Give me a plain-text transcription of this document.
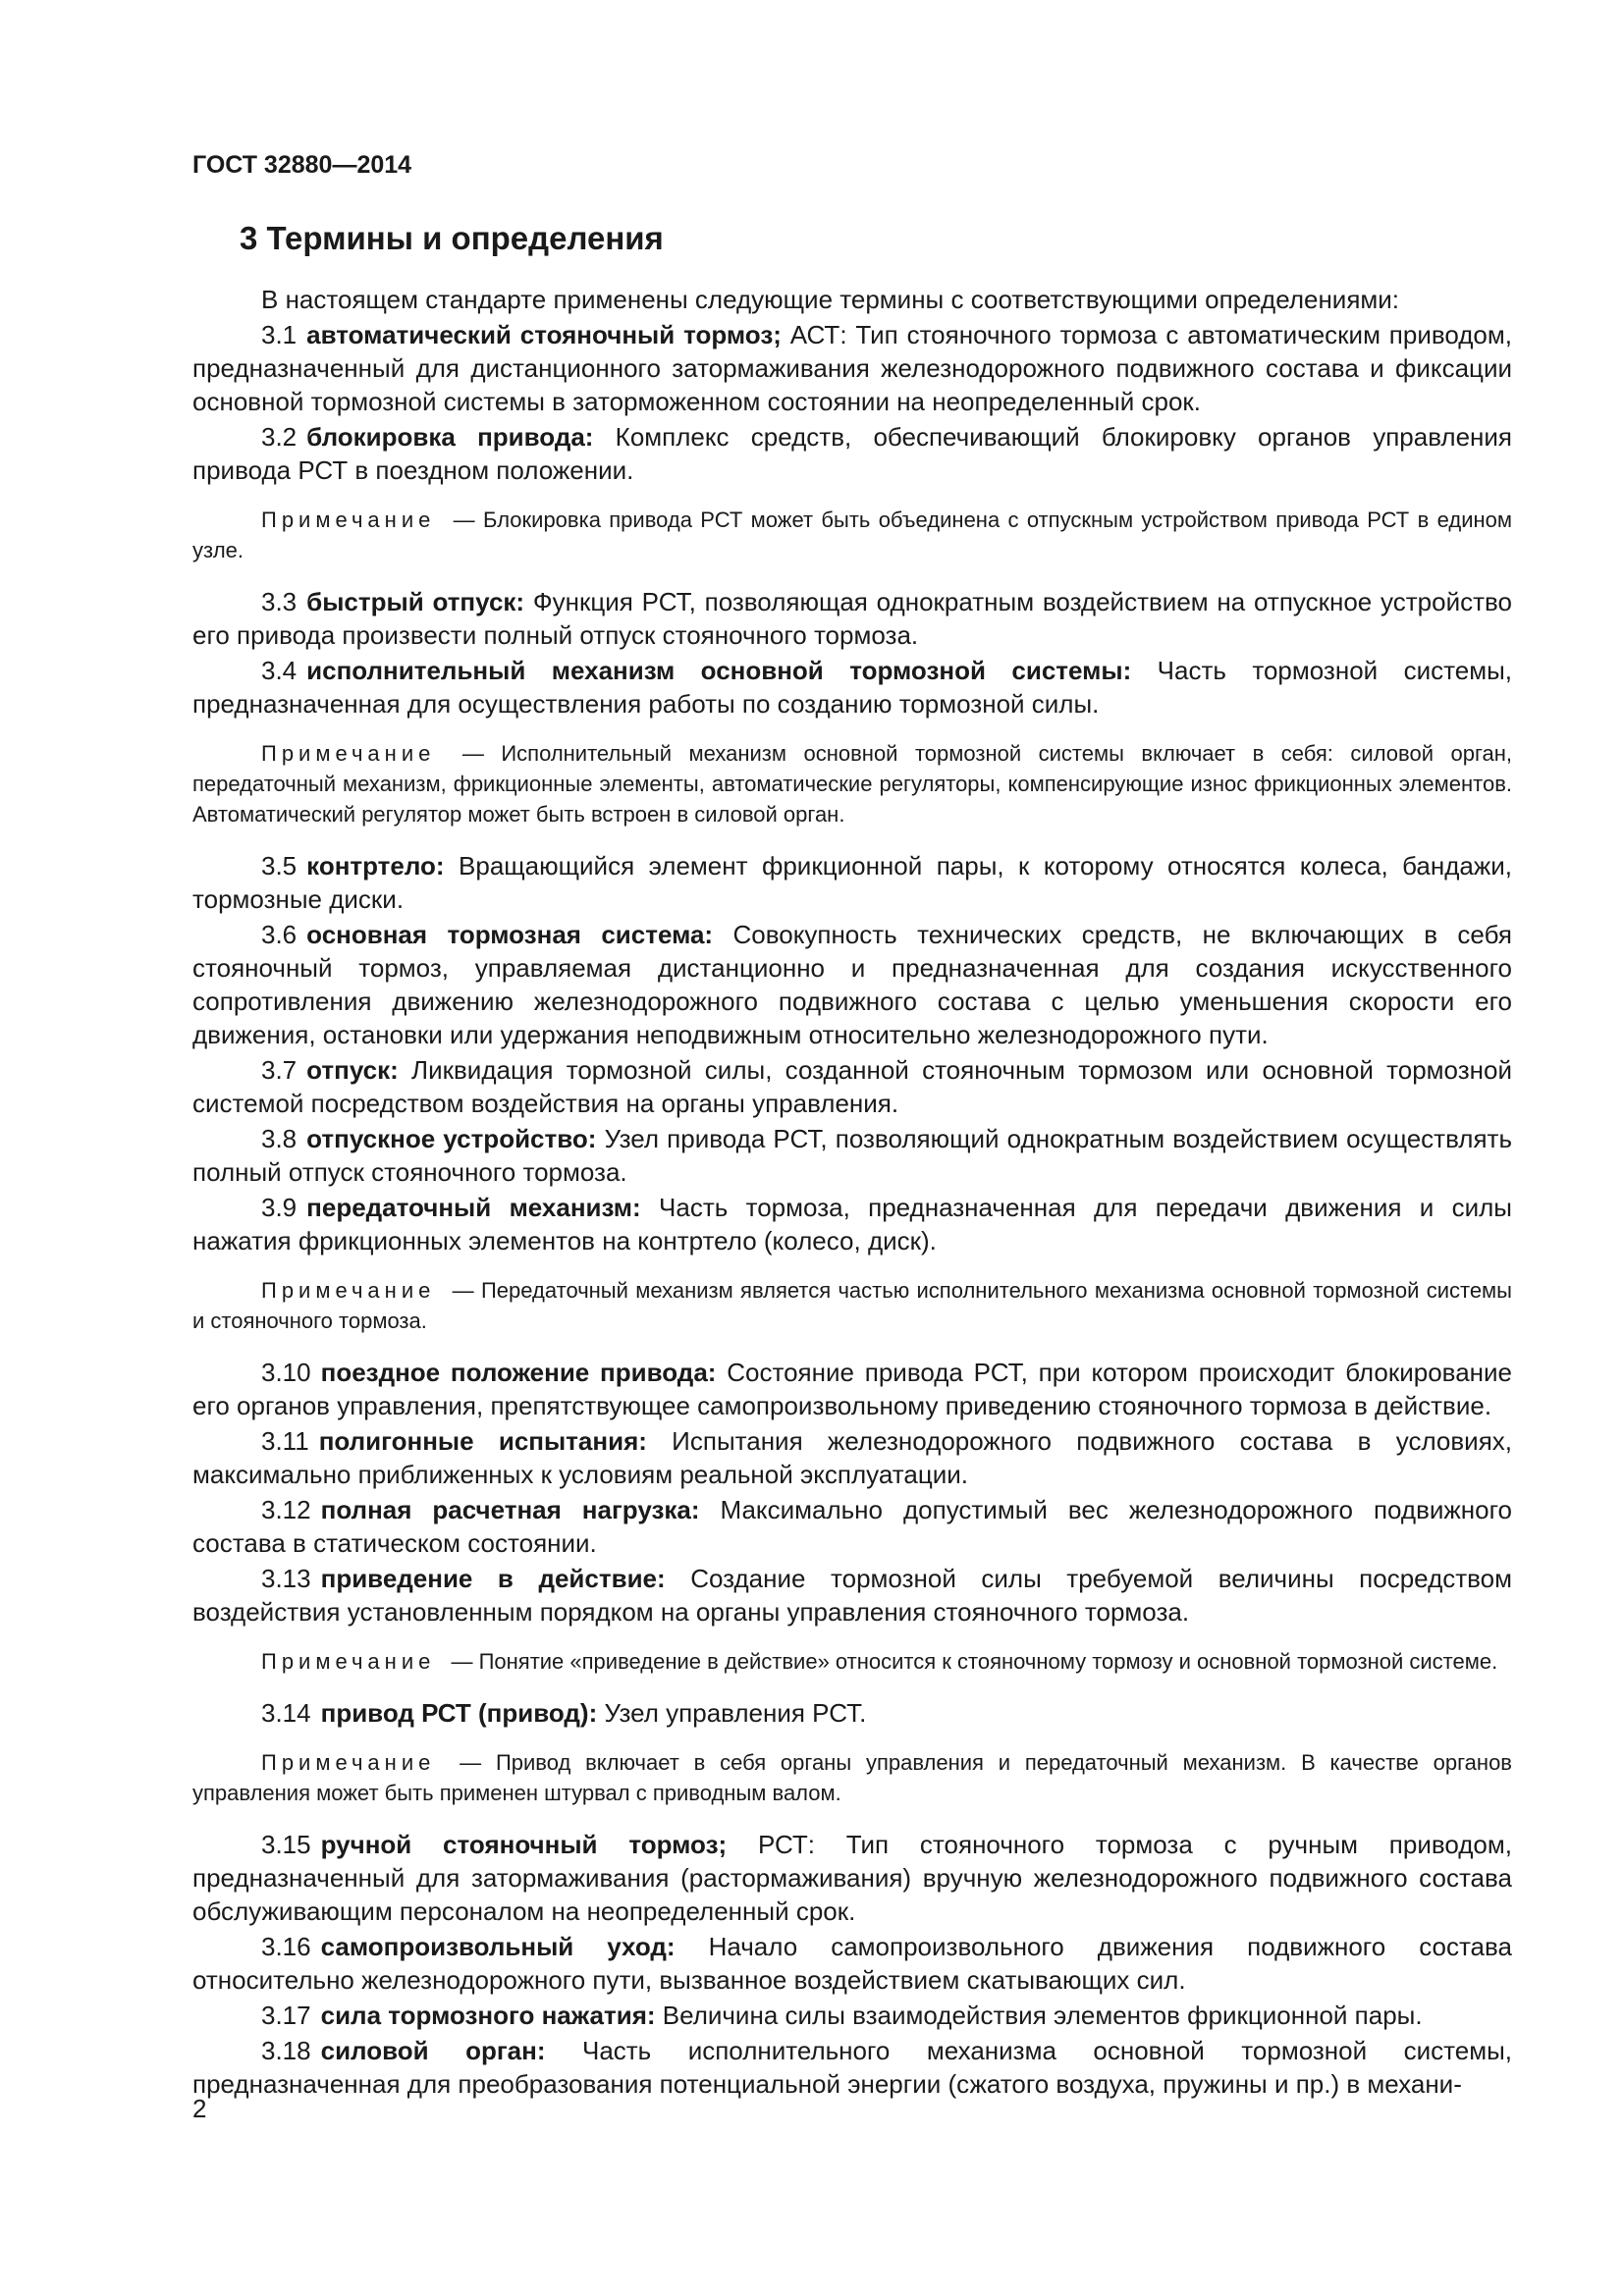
ГОСТ 32880—2014
3 Термины и определения

В настоящем стандарте применены следующие термины с соответствующими определениями:

3.1 автоматический стояночный тормоз; АСТ: Тип стояночного тормоза с автоматическим приводом, предназначенный для дистанционного затормаживания железнодорожного подвижного состава и фиксации основной тормозной системы в заторможенном состоянии на неопределенный срок.

3.2 блокировка привода: Комплекс средств, обеспечивающий блокировку органов управления привода РСТ в поездном положении.

Примечание — Блокировка привода РСТ может быть объединена с отпускным устройством привода РСТ в едином узле.

3.3 быстрый отпуск: Функция РСТ, позволяющая однократным воздействием на отпускное устройство его привода произвести полный отпуск стояночного тормоза.

3.4 исполнительный механизм основной тормозной системы: Часть тормозной системы, предназначенная для осуществления работы по созданию тормозной силы.

Примечание — Исполнительный механизм основной тормозной системы включает в себя: силовой орган, передаточный механизм, фрикционные элементы, автоматические регуляторы, компенсирующие износ фрикционных элементов. Автоматический регулятор может быть встроен в силовой орган.

3.5 контртело: Вращающийся элемент фрикционной пары, к которому относятся колеса, бандажи, тормозные диски.

3.6 основная тормозная система: Совокупность технических средств, не включающих в себя стояночный тормоз, управляемая дистанционно и предназначенная для создания искусственного сопротивления движению железнодорожного подвижного состава с целью уменьшения скорости его движения, остановки или удержания неподвижным относительно железнодорожного пути.

3.7 отпуск: Ликвидация тормозной силы, созданной стояночным тормозом или основной тормозной системой посредством воздействия на органы управления.

3.8 отпускное устройство: Узел привода РСТ, позволяющий однократным воздействием осуществлять полный отпуск стояночного тормоза.

3.9 передаточный механизм: Часть тормоза, предназначенная для передачи движения и силы нажатия фрикционных элементов на контртело (колесо, диск).

Примечание — Передаточный механизм является частью исполнительного механизма основной тормозной системы и стояночного тормоза.

3.10 поездное положение привода: Состояние привода РСТ, при котором происходит блокирование его органов управления, препятствующее самопроизвольному приведению стояночного тормоза в действие.

3.11 полигонные испытания: Испытания железнодорожного подвижного состава в условиях, максимально приближенных к условиям реальной эксплуатации.

3.12 полная расчетная нагрузка: Максимально допустимый вес железнодорожного подвижного состава в статическом состоянии.

3.13 приведение в действие: Создание тормозной силы требуемой величины посредством воздействия установленным порядком на органы управления стояночного тормоза.

Примечание — Понятие «приведение в действие» относится к стояночному тормозу и основной тормозной системе.

3.14 привод РСТ (привод): Узел управления РСТ.

Примечание — Привод включает в себя органы управления и передаточный механизм. В качестве органов управления может быть применен штурвал с приводным валом.

3.15 ручной стояночный тормоз; РСТ: Тип стояночного тормоза с ручным приводом, предназначенный для затормаживания (растормаживания) вручную железнодорожного подвижного состава обслуживающим персоналом на неопределенный срок.

3.16 самопроизвольный уход: Начало самопроизвольного движения подвижного состава относительно железнодорожного пути, вызванное воздействием скатывающих сил.

3.17 сила тормозного нажатия: Величина силы взаимодействия элементов фрикционной пары.

3.18 силовой орган: Часть исполнительного механизма основной тормозной системы, предназначенная для преобразования потенциальной энергии (сжатого воздуха, пружины и пр.) в механи-

2
